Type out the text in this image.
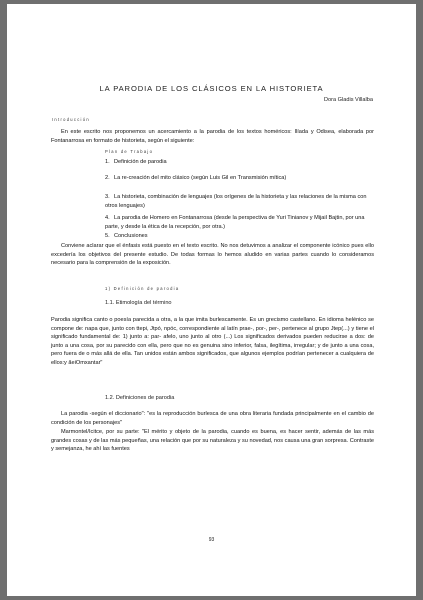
LA PARODIA DE LOS CLÁSICOS EN LA HISTORIETA

Dora Gladis Villalba

Introducción

En este escrito nos proponemos un acercamiento a la parodia de los textos homéricos: Ilíada y Odisea, elaborada por Fontanarrosa en formato de historieta, según el siguiente:

Plan de Trabajo

1. Definición de parodia
2. La re-creación del mito clásico (según Luis Gil en Transmisión mítica)
3. La historieta, combinación de lenguajes (los orígenes de la historieta y las relaciones de la misma con otros lenguajes)
4. La parodia de Homero en Fontanarrosa (desde la perspectiva de Yuri Tinianov y Mijail Bajtin, por una parte, y desde la ética de la recepción, por otra.)
5. Conclusiones

Conviene aclarar que el énfasis está puesto en el texto escrito. No nos detuvimos a analizar el componente icónico pues ello excedería los objetivos del presente estudio. De todas formas lo hemos aludido en varias partes cuando lo consideramos necesario para la comprensión de la exposición.

1) Definición de parodia

1.1. Etimología del término

Parodia significa canto o poesía parecida a otra, a la que imita burlescamente. Es un grecismo castellano. En idioma helénico se compone de: napa que, junto con ttepi, Jtpó, npóc, correspondiente al latín prae-, por-, per-, pertenece al grupo Jtep(...) y tiene el significado fundamental de: 1) junto a: par- afelo, uno junto al otro (...) Los significados derivados pueden reducirse a dos: de junto a una cosa, por su parecido con ella, pero que no es genuina sino inferior, falsa, ilegítima, irregular; y de junto a una cosa, pero fuera de o más allá de ella. Tan unidos están ambos significados, que algunos ejemplos podrían pertenecer a cualquiera de ellos:y ãeiOmxantar"

1.2. Definiciones de parodia

La parodia -según el diccionario": "es la reproducción burlesca de una obra literaria fundada principalmente en el cambio de condición de los personajes"

Marmontel/Icitce, por su parte: "El mérito y objeto de la parodia, cuando es buena, es hacer sentir, además de las más grandes cosas y de las más pequeñas, una relación que por su naturaleza y su novedad, nos causa una gran sorpresa. Contraste y semejanza, he ahí las fuentes

93
